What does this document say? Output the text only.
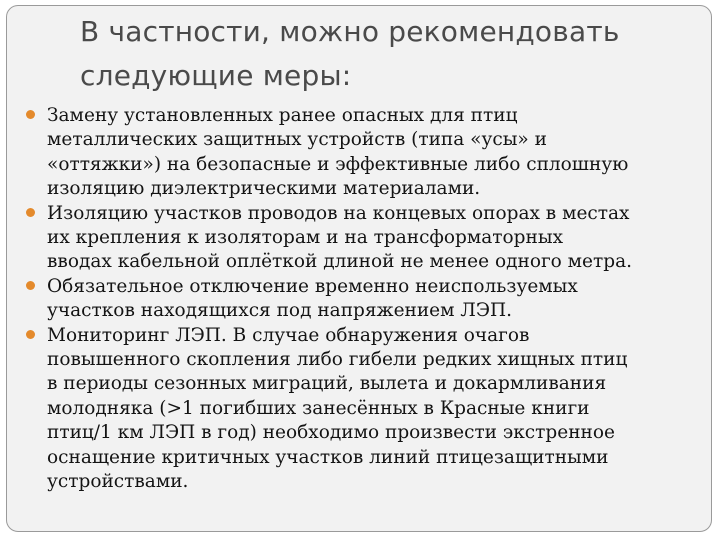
В частности, можно рекомендовать
следующие меры:
Замену установленных ранее опасных для птиц
металлических защитных устройств (типа «усы» и
«оттяжки») на безопасные и эффективные либо сплошную
изоляцию диэлектрическими материалами.
Изоляцию участков проводов на концевых опорах в местах
их крепления к изоляторам и на трансформаторных
вводах кабельной оплёткой длиной не менее одного метра.
Обязательное отключение временно неиспользуемых
участков находящихся под напряжением ЛЭП.
Мониторинг ЛЭП. В случае обнаружения очагов
повышенного скопления либо гибели редких хищных птиц
в периоды сезонных миграций, вылета и докармливания
молодняка (>1 погибших занесённых в Красные книги
птиц/1 км ЛЭП в год) необходимо произвести экстренное
оснащение критичных участков линий птицезащитными
устройствами.
